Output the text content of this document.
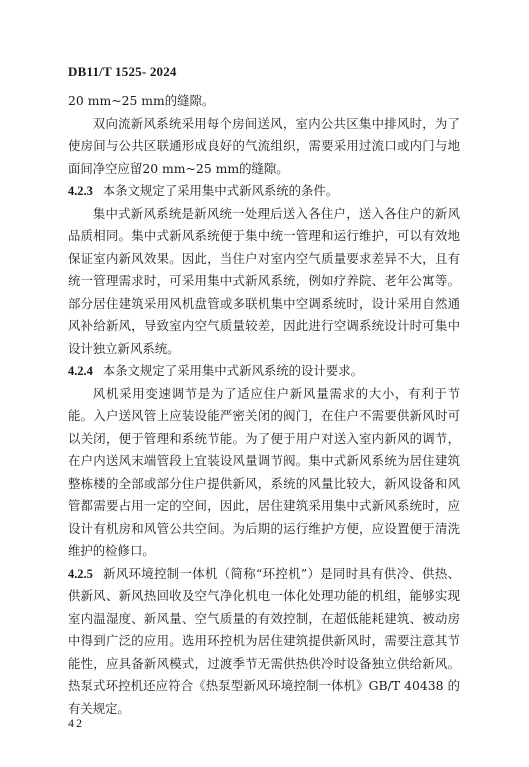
DB11/T 1525- 2024

20 mm~25 mm的缝隙。

双向流新风系统采用每个房间送风，室内公共区集中排风时，为了使房间与公共区联通形成良好的气流组织，需要采用过流口或内门与地面间净空应留20 mm~25 mm的缝隙。

4.2.3 本条文规定了采用集中式新风系统的条件。

集中式新风系统是新风统一处理后送入各住户，送入各住户的新风品质相同。集中式新风系统便于集中统一管理和运行维护，可以有效地保证室内新风效果。因此，当住户对室内空气质量要求差异不大，且有统一管理需求时，可采用集中式新风系统，例如疗养院、老年公寓等。部分居住建筑采用风机盘管或多联机集中空调系统时，设计采用自然通风补给新风，导致室内空气质量较差，因此进行空调系统设计时可集中设计独立新风系统。

4.2.4 本条文规定了采用集中式新风系统的设计要求。

风机采用变速调节是为了适应住户新风量需求的大小，有利于节能。入户送风管上应装设能严密关闭的阀门，在住户不需要供新风时可以关闭，便于管理和系统节能。为了便于用户对送入室内新风的调节，在户内送风末端管段上宜装设风量调节阀。集中式新风系统为居住建筑整栋楼的全部或部分住户提供新风，系统的风量比较大，新风设备和风管都需要占用一定的空间，因此，居住建筑采用集中式新风系统时，应设计有机房和风管公共空间。为后期的运行维护方便，应设置便于清洗维护的检修口。

4.2.5 新风环境控制一体机（简称“环控机”）是同时具有供冷、供热、供新风、新风热回收及空气净化机电一体化处理功能的机组，能够实现室内温湿度、新风量、空气质量的有效控制，在超低能耗建筑、被动房中得到广泛的应用。选用环控机为居住建筑提供新风时，需要注意其节能性，应具备新风模式，过渡季节无需供热供冷时设备独立供给新风。热泵式环控机还应符合《热泵型新风环境控制一体机》GB/T 40438 的有关规定。

42
